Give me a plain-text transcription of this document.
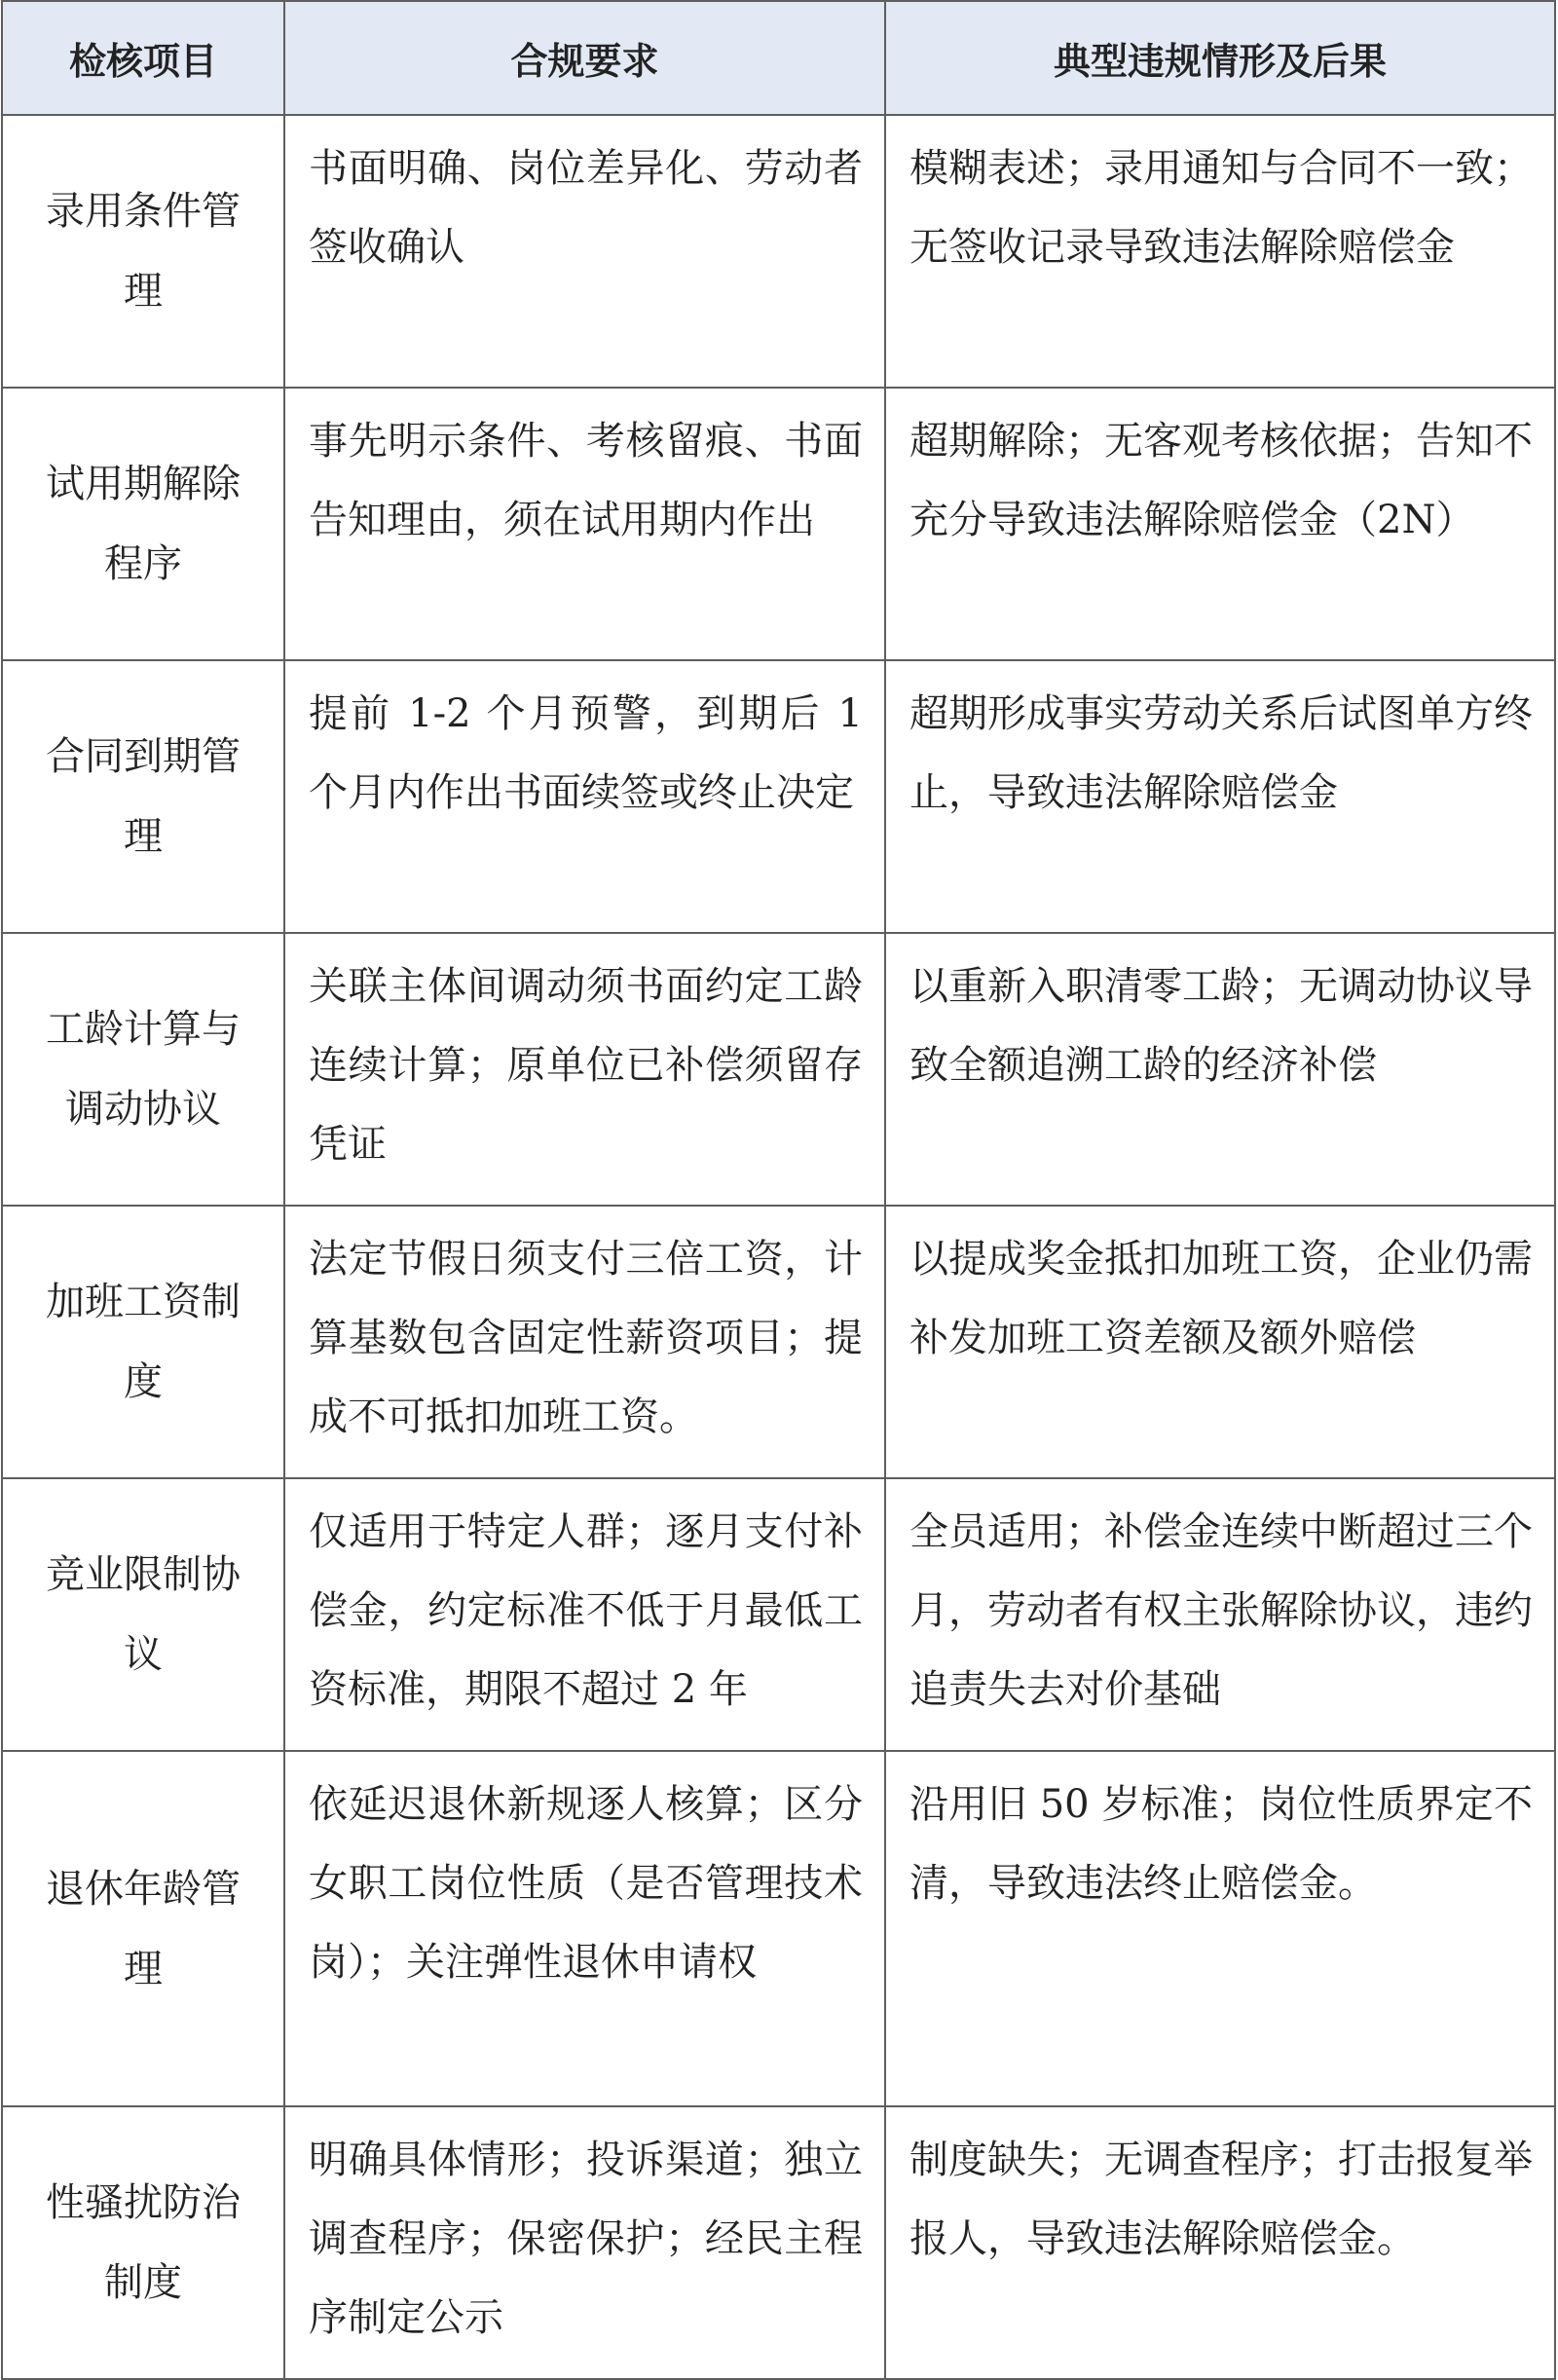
检核项目	合规要求	典型违规情形及后果
录用条件管理	书面明确、岗位差异化、劳动者签收确认	模糊表述；录用通知与合同不一致；无签收记录导致违法解除赔偿金
试用期解除程序	事先明示条件、考核留痕、书面告知理由，须在试用期内作出	超期解除；无客观考核依据；告知不充分导致违法解除赔偿金（2N）
合同到期管理	提前 1-2 个月预警，到期后 1 个月内作出书面续签或终止决定	超期形成事实劳动关系后试图单方终止，导致违法解除赔偿金
工龄计算与调动协议	关联主体间调动须书面约定工龄连续计算；原单位已补偿须留存凭证	以重新入职清零工龄；无调动协议导致全额追溯工龄的经济补偿
加班工资制度	法定节假日须支付三倍工资，计算基数包含固定性薪资项目；提成不可抵扣加班工资。	以提成奖金抵扣加班工资，企业仍需补发加班工资差额及额外赔偿
竞业限制协议	仅适用于特定人群；逐月支付补偿金，约定标准不低于月最低工资标准，期限不超过 2 年	全员适用；补偿金连续中断超过三个月，劳动者有权主张解除协议，违约追责失去对价基础
退休年龄管理	依延迟退休新规逐人核算；区分女职工岗位性质（是否管理技术岗）；关注弹性退休申请权	沿用旧 50 岁标准；岗位性质界定不清，导致违法终止赔偿金。
性骚扰防治制度	明确具体情形；投诉渠道；独立调查程序；保密保护；经民主程序制定公示	制度缺失；无调查程序；打击报复举报人，导致违法解除赔偿金。
